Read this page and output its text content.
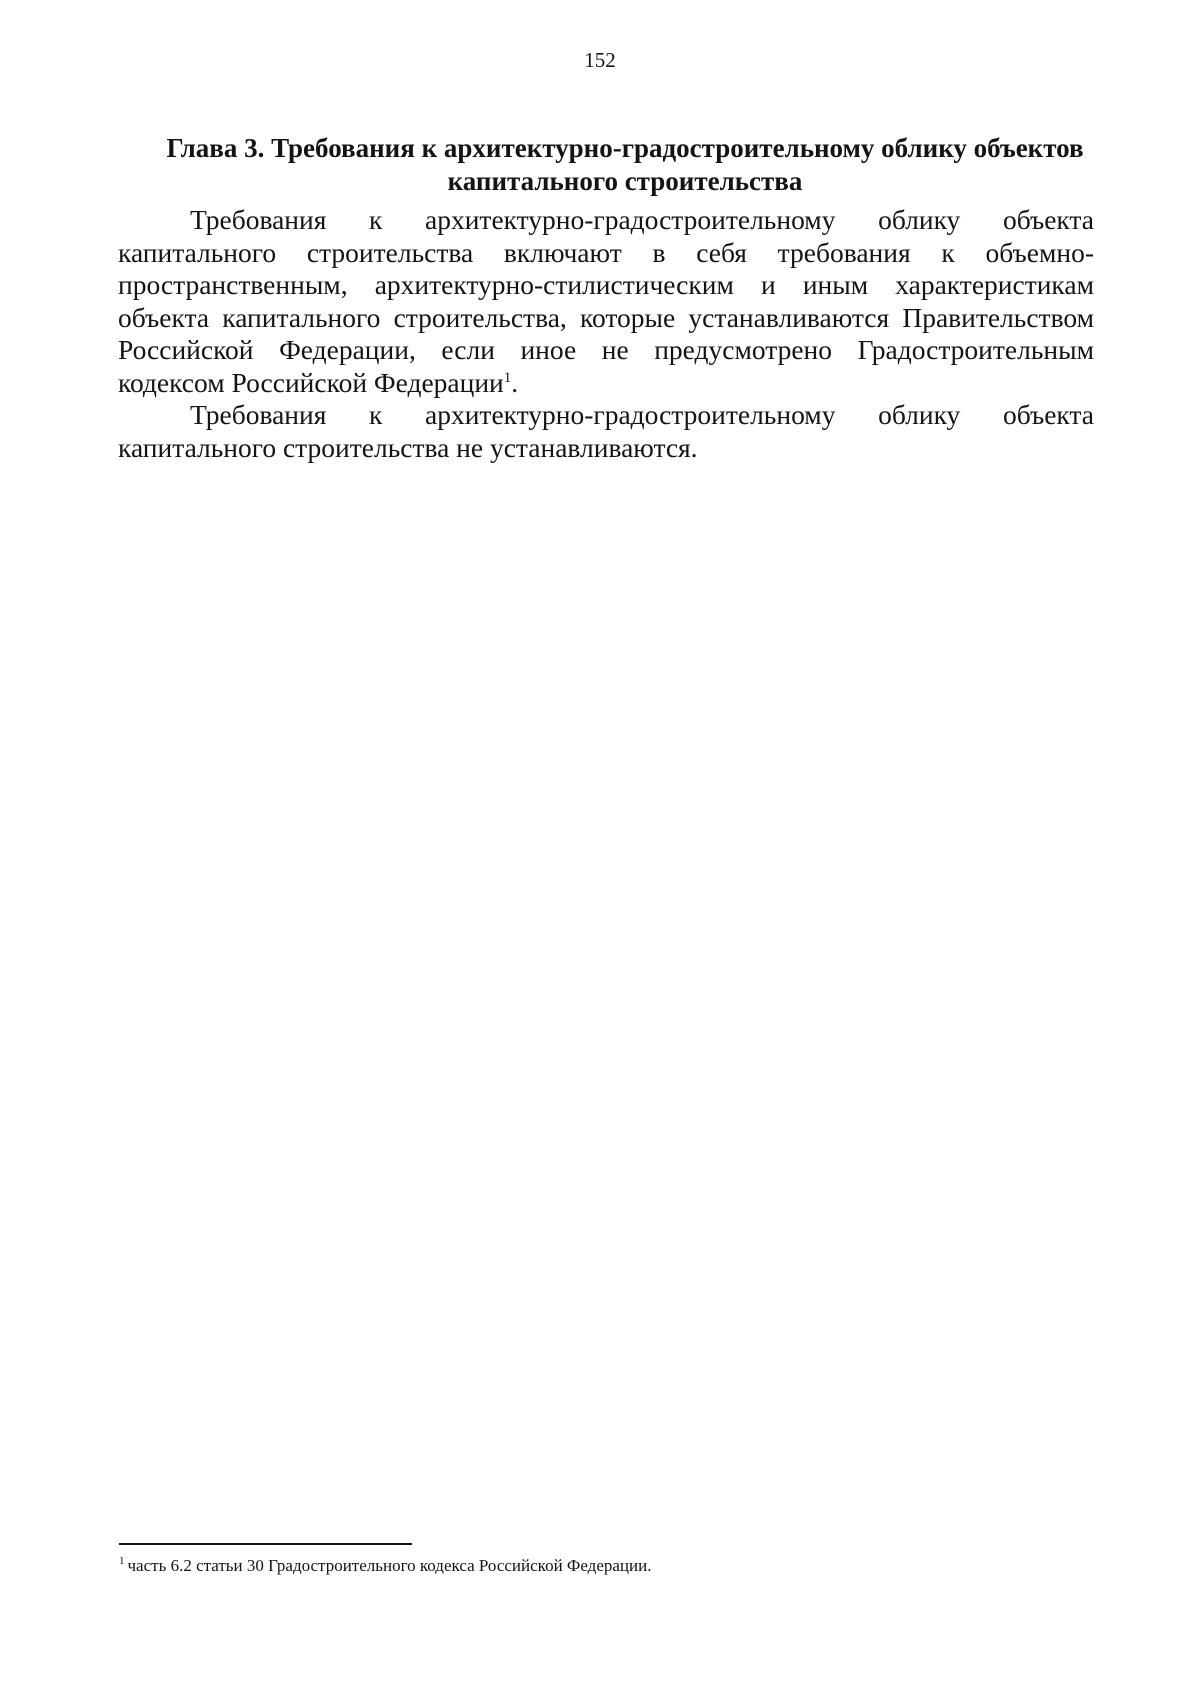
152
Глава 3. Требования к архитектурно-градостроительному облику объектов капитального строительства

Требования к архитектурно-градостроительному облику объекта капитального строительства включают в себя требования к объемно-пространственным, архитектурно-стилистическим и иным характеристикам объекта капитального строительства, которые устанавливаются Правительством Российской Федерации, если иное не предусмотрено Градостроительным кодексом Российской Федерации$^1$.

Требования к архитектурно-градостроительному облику объекта капитального строительства не устанавливаются.

$^1$ часть 6.2 статьи 30 Градостроительного кодекса Российской Федерации.
